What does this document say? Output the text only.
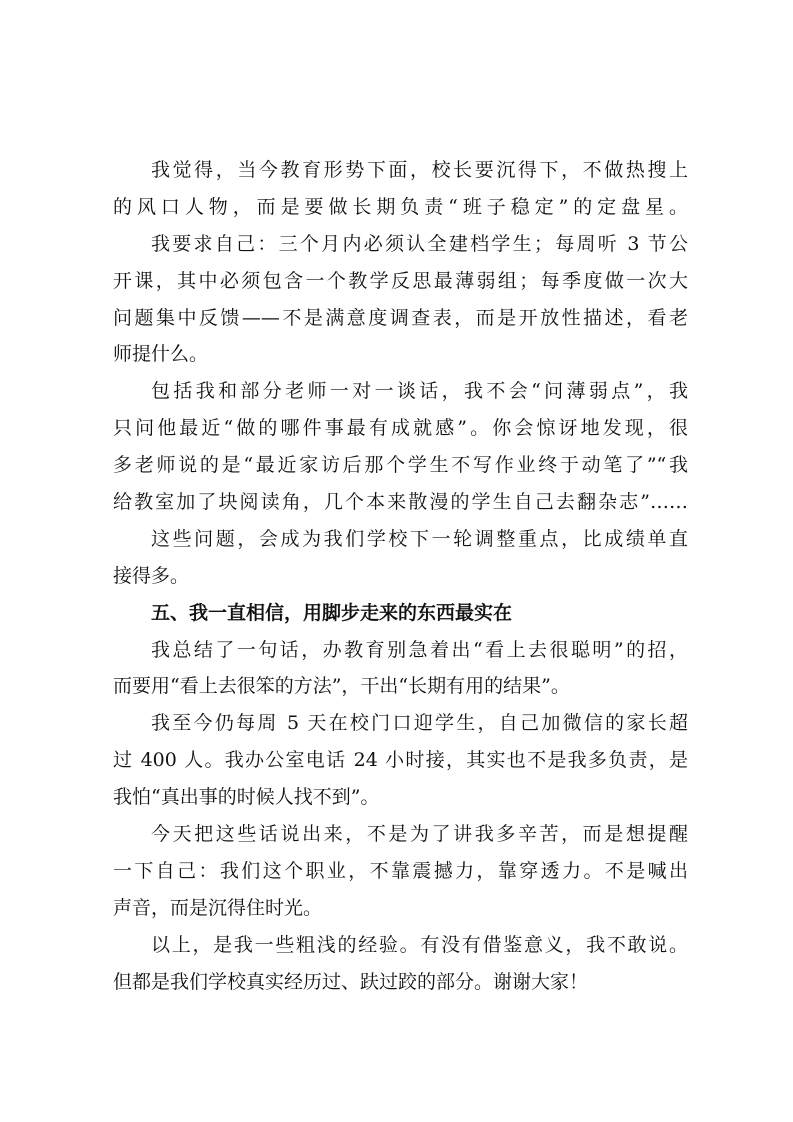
我觉得，当今教育形势下面，校长要沉得下，不做热搜上
的风口人物，而是要做长期负责“班子稳定”的定盘星。
我要求自己：三个月内必须认全建档学生；每周听 3 节公
开课，其中必须包含一个教学反思最薄弱组；每季度做一次大
问题集中反馈——不是满意度调查表，而是开放性描述，看老
师提什么。
包括我和部分老师一对一谈话，我不会“问薄弱点”，我
只问他最近“做的哪件事最有成就感”。你会惊讶地发现，很
多老师说的是“最近家访后那个学生不写作业终于动笔了”“我
给教室加了块阅读角，几个本来散漫的学生自己去翻杂志”……
这些问题，会成为我们学校下一轮调整重点，比成绩单直
接得多。
五、我一直相信，用脚步走来的东西最实在
我总结了一句话，办教育别急着出“看上去很聪明”的招，
而要用“看上去很笨的方法”，干出“长期有用的结果”。
我至今仍每周 5 天在校门口迎学生，自己加微信的家长超
过 400 人。我办公室电话 24 小时接，其实也不是我多负责，是
我怕“真出事的时候人找不到”。
今天把这些话说出来，不是为了讲我多辛苦，而是想提醒
一下自己：我们这个职业，不靠震撼力，靠穿透力。不是喊出
声音，而是沉得住时光。
以上，是我一些粗浅的经验。有没有借鉴意义，我不敢说。
但都是我们学校真实经历过、趺过跤的部分。谢谢大家！
